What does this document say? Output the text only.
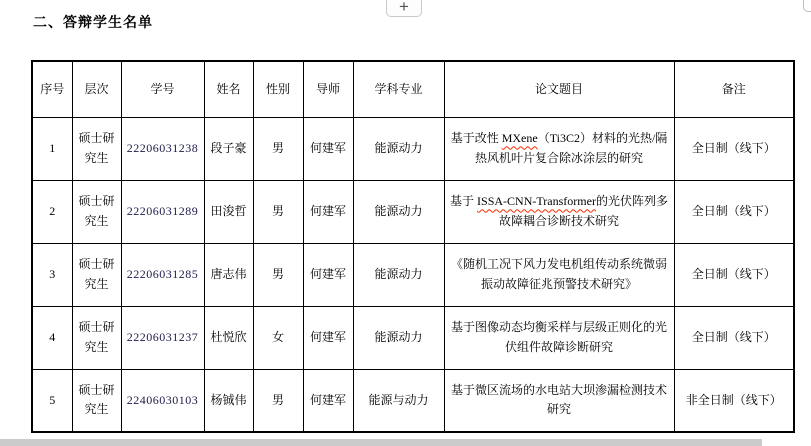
+
二、答辩学生名单
序号	层次	学号	姓名	性别	导师	学科专业	论文题目	备注
1	硕士研究生	22206031238	段子豪	男	何建军	能源动力	基于改性 MXene（Ti3C2）材料的光热/隔热风机叶片复合除冰涂层的研究	全日制（线下）
2	硕士研究生	22206031289	田浚哲	男	何建军	能源动力	基于 ISSA-CNN-Transformer的光伏阵列多故障耦合诊断技术研究	全日制（线下）
3	硕士研究生	22206031285	唐志伟	男	何建军	能源动力	《随机工况下风力发电机组传动系统微弱振动故障征兆预警技术研究》	全日制（线下）
4	硕士研究生	22206031237	杜悦欣	女	何建军	能源动力	基于图像动态均衡采样与层级正则化的光伏组件故障诊断研究	全日制（线下）
5	硕士研究生	22406030103	杨铖伟	男	何建军	能源与动力	基于微区流场的水电站大坝渗漏检测技术研究	非全日制（线下）
